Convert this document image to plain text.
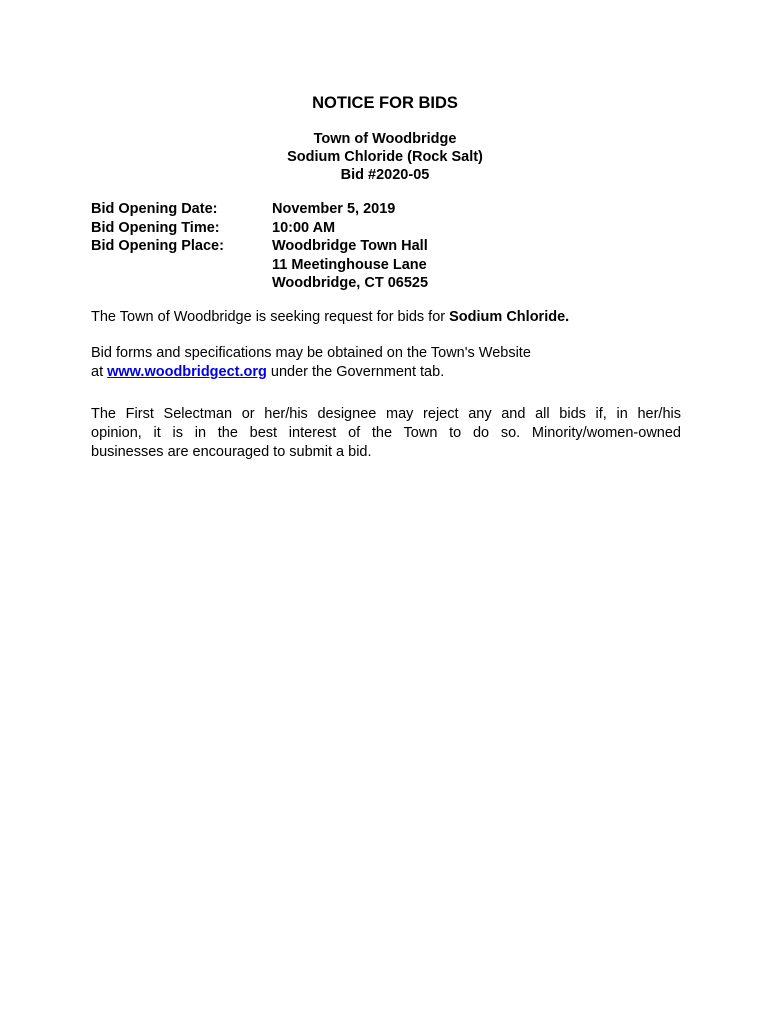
NOTICE FOR BIDS
Town of Woodbridge
Sodium Chloride (Rock Salt)
Bid #2020-05
Bid Opening Date:	November 5, 2019
Bid Opening Time:	10:00 AM
Bid Opening Place:	Woodbridge Town Hall
11 Meetinghouse Lane
Woodbridge, CT 06525
The Town of Woodbridge is seeking request for bids for Sodium Chloride.
Bid forms and specifications may be obtained on the Town's Website
at www.woodbridgect.org under the Government tab.
The First Selectman or her/his designee may reject any and all bids if, in her/his
opinion, it is in the best interest of the Town to do so. Minority/women-owned
businesses are encouraged to submit a bid.
